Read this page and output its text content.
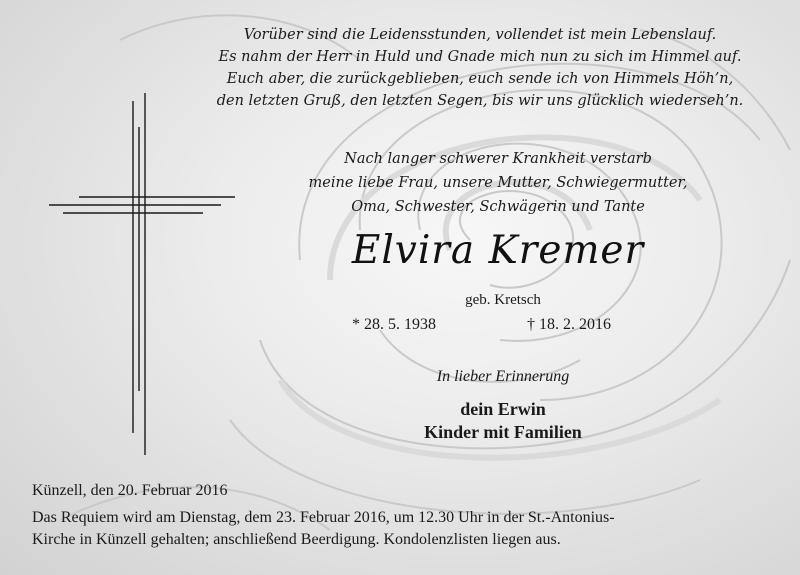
Vorüber sind die Leidensstunden, vollendet ist mein Lebenslauf.
Es nahm der Herr in Huld und Gnade mich nun zu sich im Himmel auf.
Euch aber, die zurückgeblieben, euch sende ich von Himmels Höh’n,
den letzten Gruß, den letzten Segen, bis wir uns glücklich wiederseh’n.
Nach langer schwerer Krankheit verstarb
meine liebe Frau, unsere Mutter, Schwiegermutter,
Oma, Schwester, Schwägerin und Tante
Elvira Kremer
geb. Kretsch
* 28. 5. 1938	† 18. 2. 2016
In lieber Erinnerung
dein Erwin
Kinder mit Familien
Künzell, den 20. Februar 2016
Das Requiem wird am Dienstag, dem 23. Februar 2016, um 12.30 Uhr in der St.-Antonius-
Kirche in Künzell gehalten; anschließend Beerdigung. Kondolenzlisten liegen aus.
